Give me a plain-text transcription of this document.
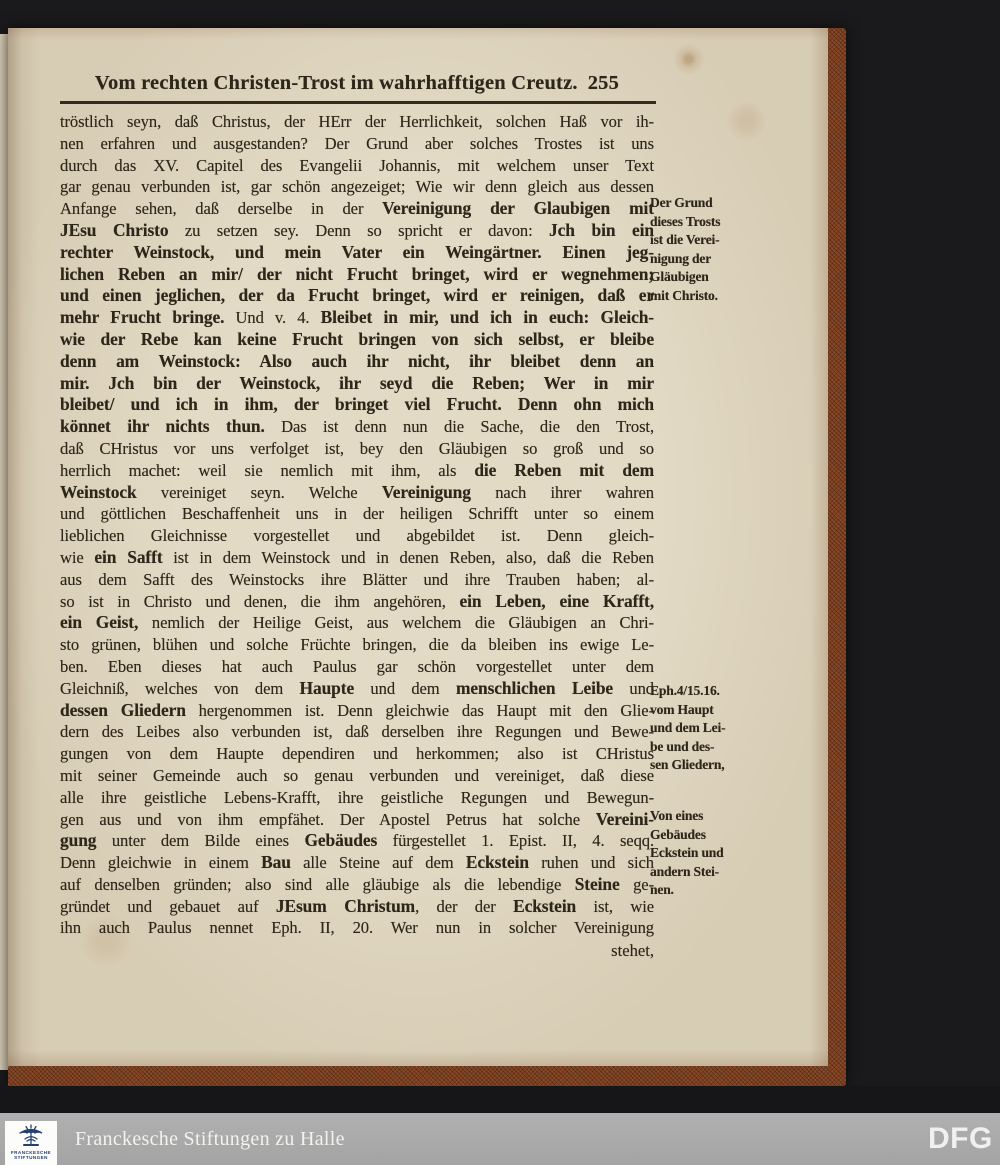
Vom rechten Christen-Trost im wahrhafftigen Creutz. 255
tröstlich seyn, daß Christus, der HErr der Herrlichkeit, solchen Haß vor ih-
nen erfahren und ausgestanden? Der Grund aber solches Trostes ist uns
durch das XV. Capitel des Evangelii Johannis, mit welchem unser Text
gar genau verbunden ist, gar schön angezeiget; Wie wir denn gleich aus dessen
Anfange sehen, daß derselbe in der Vereinigung der Glaubigen mit
JEsu Christo zu setzen sey. Denn so spricht er davon: Jch bin ein
rechter Weinstock, und mein Vater ein Weingärtner. Einen jeg-
lichen Reben an mir/ der nicht Frucht bringet, wird er wegnehmen;
und einen jeglichen, der da Frucht bringet, wird er reinigen, daß er
mehr Frucht bringe. Und v. 4. Bleibet in mir, und ich in euch: Gleich-
wie der Rebe kan keine Frucht bringen von sich selbst, er bleibe
denn am Weinstock: Also auch ihr nicht, ihr bleibet denn an
mir. Jch bin der Weinstock, ihr seyd die Reben; Wer in mir
bleibet/ und ich in ihm, der bringet viel Frucht. Denn ohn mich
könnet ihr nichts thun. Das ist denn nun die Sache, die den Trost,
daß CHristus vor uns verfolget ist, bey den Gläubigen so groß und so
herrlich machet: weil sie nemlich mit ihm, als die Reben mit dem
Weinstock vereiniget seyn. Welche Vereinigung nach ihrer wahren
und göttlichen Beschaffenheit uns in der heiligen Schrifft unter so einem
lieblichen Gleichnisse vorgestellet und abgebildet ist. Denn gleich-
wie ein Safft ist in dem Weinstock und in denen Reben, also, daß die Reben
aus dem Safft des Weinstocks ihre Blätter und ihre Trauben haben; al-
so ist in Christo und denen, die ihm angehören, ein Leben, eine Krafft,
ein Geist, nemlich der Heilige Geist, aus welchem die Gläubigen an Chri-
sto grünen, blühen und solche Früchte bringen, die da bleiben ins ewige Le-
ben. Eben dieses hat auch Paulus gar schön vorgestellet unter dem
Gleichniß, welches von dem Haupte und dem menschlichen Leibe und
dessen Gliedern hergenommen ist. Denn gleichwie das Haupt mit den Glie-
dern des Leibes also verbunden ist, daß derselben ihre Regungen und Bewe-
gungen von dem Haupte dependiren und herkommen; also ist CHristus
mit seiner Gemeinde auch so genau verbunden und vereiniget, daß diese
alle ihre geistliche Lebens-Krafft, ihre geistliche Regungen und Bewegun-
gen aus und von ihm empfähet. Der Apostel Petrus hat solche Vereini-
gung unter dem Bilde eines Gebäudes fürgestellet 1. Epist. II, 4. seqq.
Denn gleichwie in einem Bau alle Steine auf dem Eckstein ruhen und sich
auf denselben gründen; also sind alle gläubige als die lebendige Steine ge-
gründet und gebauet auf JEsum Christum, der der Eckstein ist, wie
ihn auch Paulus nennet Eph. II, 20. Wer nun in solcher Vereinigung
stehet,
Der Grund
dieses Trosts
ist die Verei-
nigung der
Gläubigen
mit Christo.
Eph.4/15.16.
vom Haupt
und dem Lei-
be und des-
sen Gliedern,
Von eines
Gebäudes
Eckstein und
andern Stei-
nen.
FRANCKESCHE
STIFTUNGEN
Franckesche Stiftungen zu Halle	DFG
